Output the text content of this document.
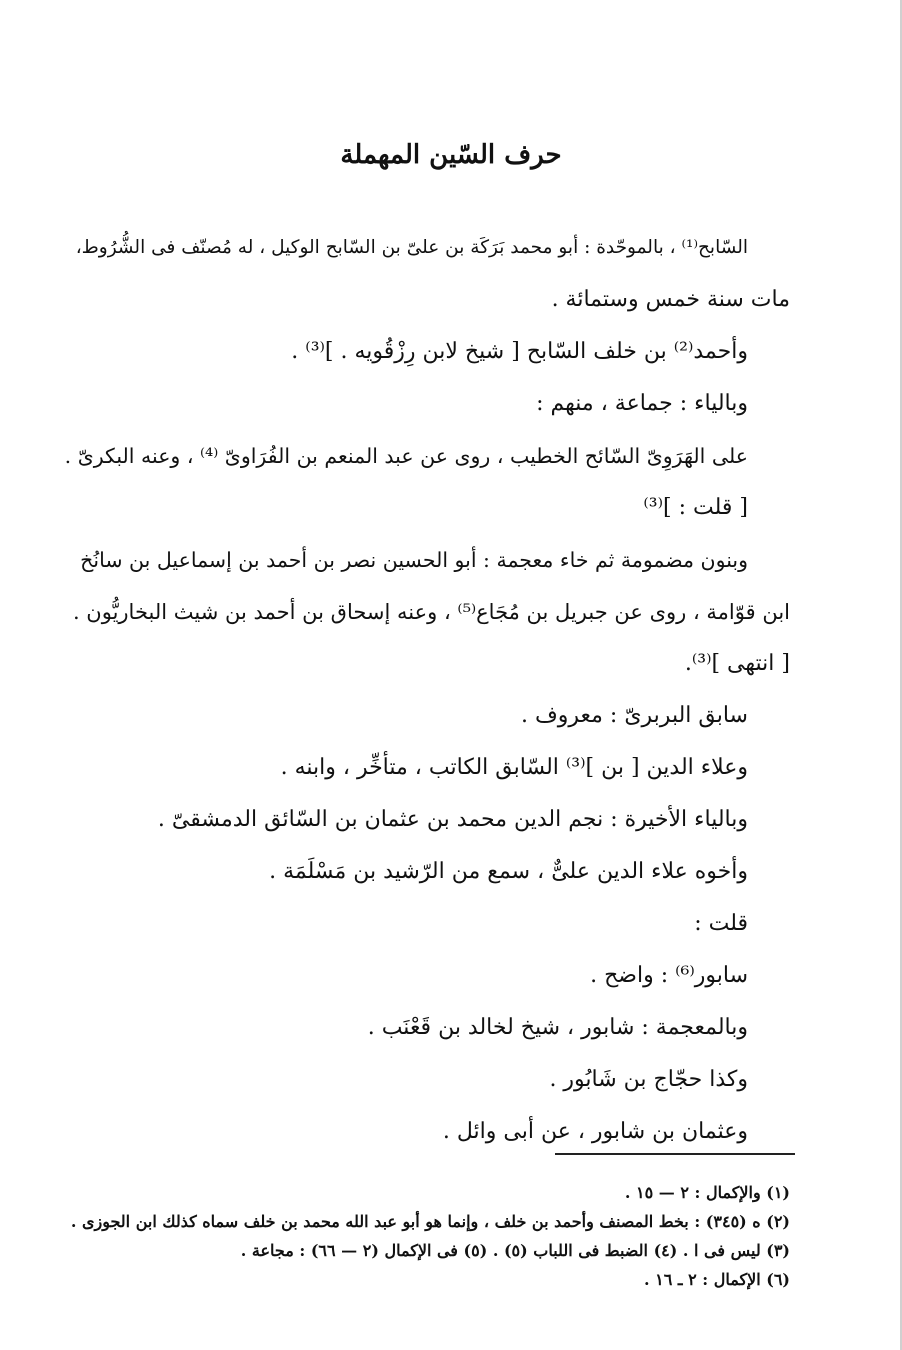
حرف السّين المهملة
السّابح⁽¹⁾ ، بالموحّدة : أبو محمد بَرَكَة بن علىّ بن السّابح الوكيل ، له مُصنّف فى الشُّرُوط،
مات سنة خمس وستمائة .
وأحمد⁽²⁾ بن خلف السّابح [ شيخ لابن رِزْقُويه . ]⁽³⁾ .
وبالياء : جماعة ، منهم :
على الهَرَوِىّ السّائح الخطيب ، روى عن عبد المنعم بن الفُرَاوىّ ⁽⁴⁾ ، وعنه البكرىّ .
[ قلت : ]⁽³⁾
وبنون مضمومة ثم خاء معجمة : أبو الحسين نصر بن أحمد بن إسماعيل بن سانُخ
ابن قوّامة ، روى عن جبريل بن مُجَاع⁽⁵⁾ ، وعنه إسحاق بن أحمد بن شيث البخاريُّون .
[ انتهى ]⁽³⁾.
سابق البربرىّ : معروف .
وعلاء الدين [ بن ]⁽³⁾ السّابق الكاتب ، متأخِّر ، وابنه .
وبالياء الأخيرة : نجم الدين محمد بن عثمان بن السّائق الدمشقىّ .
وأخوه علاء الدين علىٌّ ، سمع من الرّشيد بن مَسْلَمَة .
قلت :
سابور⁽⁶⁾ : واضح .
وبالمعجمة : شابور ، شيخ لخالد بن قَعْنَب .
وكذا حجّاج بن شَابُور .
وعثمان بن شابور ، عن أبى وائل .
(١) والإكمال : ٢ — ١٥ .
(٢) ه (٣٤٥) : بخط المصنف وأحمد بن خلف ، وإنما هو أبو عبد الله محمد بن خلف سماه كذلك ابن الجوزى .
(٣) ليس فى ا . (٤) الضبط فى اللباب (٥) . (٥) فى الإكمال (٢ — ٦٦) : مجاعة .
(٦) الإكمال : ٢ ـ ١٦ .
